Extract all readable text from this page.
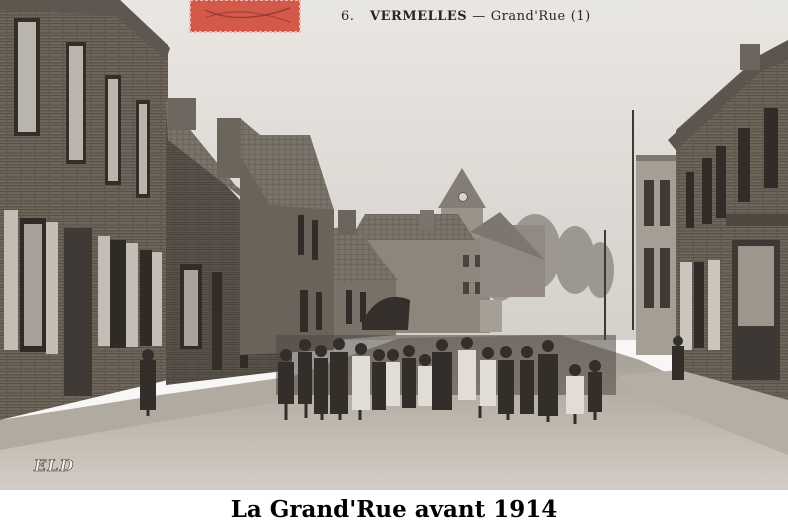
6. VERMELLES — Grand'Rue (1)
ELD

La Grand'Rue avant 1914
